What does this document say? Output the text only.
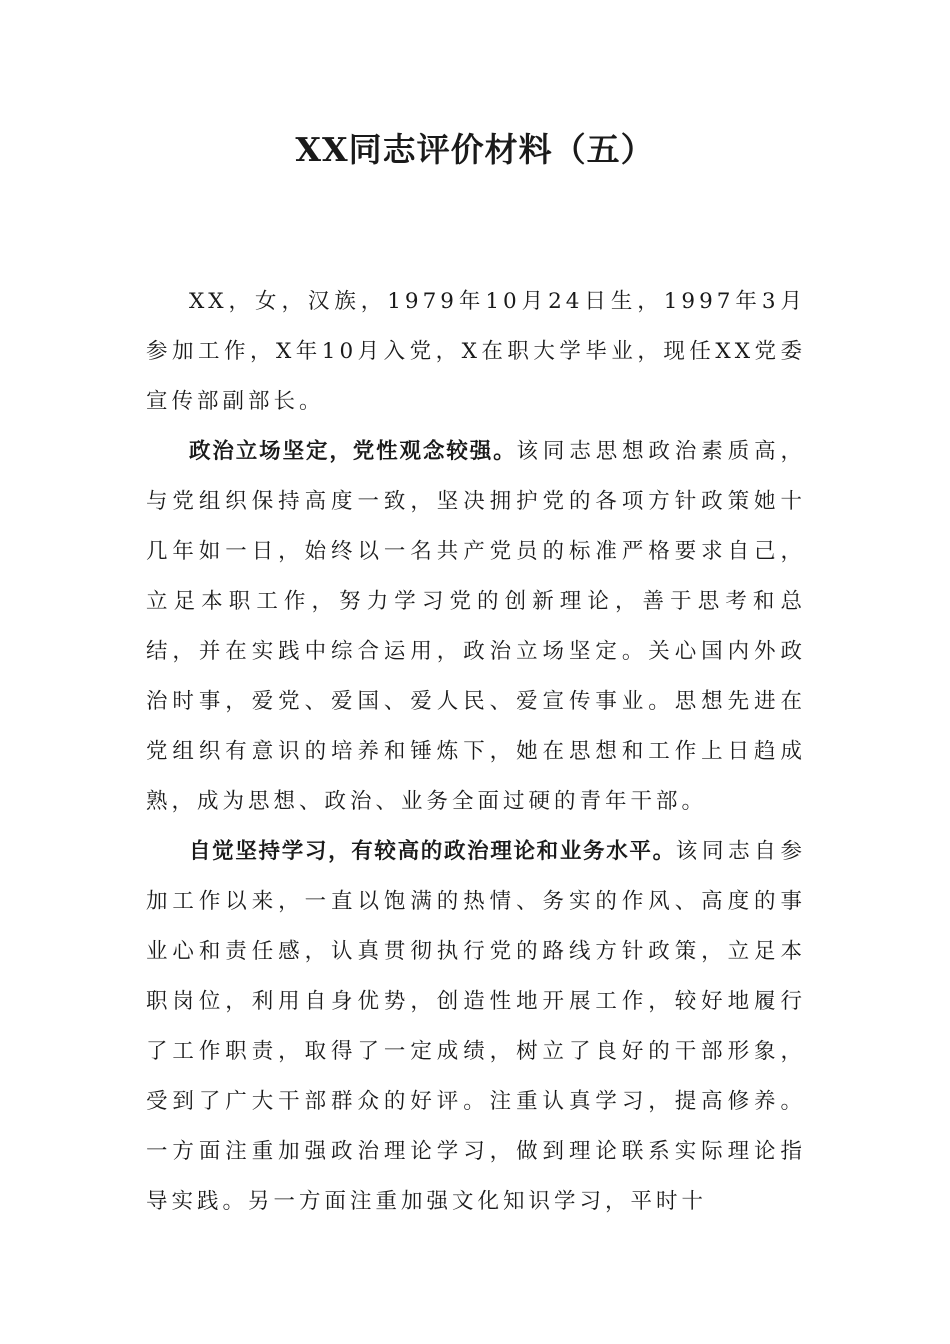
XX同志评价材料（五）

XX，女，汉族，1979年10月24日生，1997年3月参加工作，X年10月入党，X在职大学毕业，现任XX党委宣传部副部长。

政治立场坚定，党性观念较强。该同志思想政治素质高，与党组织保持高度一致，坚决拥护党的各项方针政策她十几年如一日，始终以一名共产党员的标准严格要求自己，立足本职工作，努力学习党的创新理论，善于思考和总结，并在实践中综合运用，政治立场坚定。关心国内外政治时事，爱党、爱国、爱人民、爱宣传事业。思想先进在党组织有意识的培养和锤炼下，她在思想和工作上日趋成熟，成为思想、政治、业务全面过硬的青年干部。

自觉坚持学习，有较高的政治理论和业务水平。该同志自参加工作以来，一直以饱满的热情、务实的作风、高度的事业心和责任感，认真贯彻执行党的路线方针政策，立足本职岗位，利用自身优势，创造性地开展工作，较好地履行了工作职责，取得了一定成绩，树立了良好的干部形象，受到了广大干部群众的好评。注重认真学习，提高修养。一方面注重加强政治理论学习，做到理论联系实际理论指导实践。另一方面注重加强文化知识学习，平时十
